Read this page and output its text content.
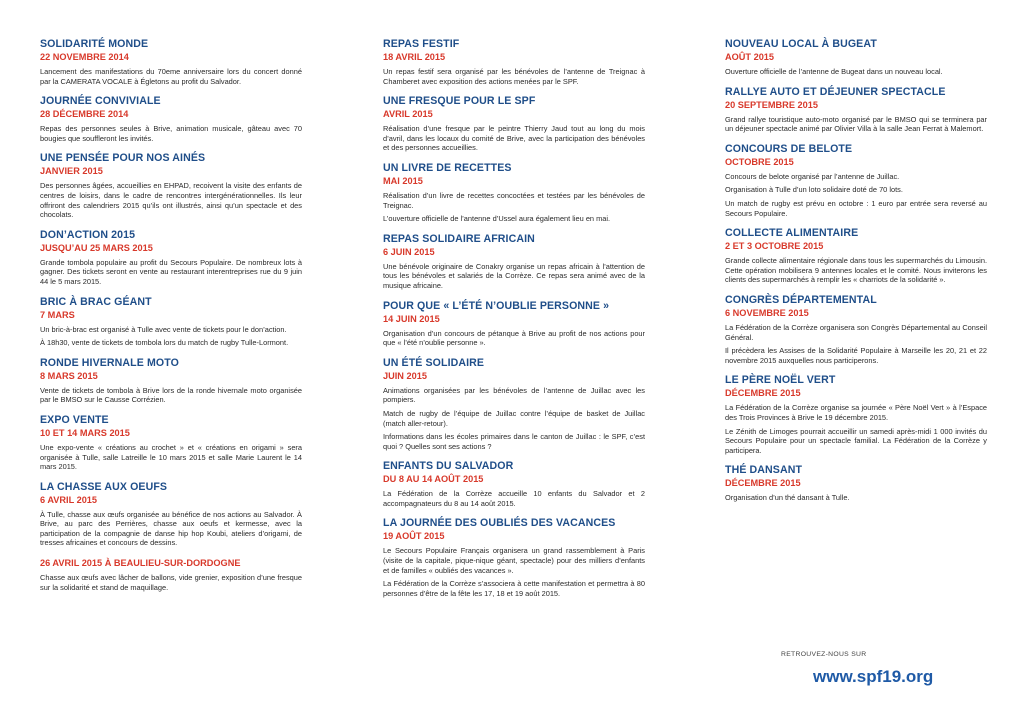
SOLIDARITÉ MONDE

22 NOVEMBRE 2014

Lancement des manifestations du 70eme anniversaire lors du concert donné par la CAMERATA VOCALE à Égletons au profit du Salvador.

JOURNÉE CONVIVIALE

28 DÉCEMBRE 2014

Repas des personnes seules à Brive, animation musicale, gâteau avec 70 bougies que souffleront les invités.

UNE PENSÉE POUR NOS AINÉS

JANVIER 2015

Des personnes âgées, accueillies en EHPAD, recoivent la visite des enfants de centres de loisirs, dans le cadre de rencontres intergénérationnelles. Ils leur offriront des calendriers 2015 qu’ils ont illustrés, ainsi qu’un spectacle et des chocolats.

DON’ACTION 2015

JUSQU’AU 25 MARS 2015

Grande tombola populaire au profit du Secours Populaire. De nombreux lots à gagner. Des tickets seront en vente au restaurant interentreprises rue du 9 juin 44 le 5 mars 2015.

BRIC À BRAC GÉANT

7 MARS

Un bric-à-brac est organisé à Tulle avec vente de tickets pour le don’action.

À 18h30, vente de tickets de tombola lors du match de rugby Tulle-Lormont.

RONDE HIVERNALE MOTO

8 MARS 2015

Vente de tickets de tombola à Brive lors de la ronde hivernale moto organisée par le BMSO sur le Causse Corrézien.

EXPO VENTE

10 ET 14 MARS 2015

Une expo-vente « créations au crochet » et « créations en origami » sera organisée à Tulle, salle Latreille le 10 mars 2015 et salle Marie Laurent le 14 mars 2015.

LA CHASSE AUX OEUFS

6 AVRIL 2015

À Tulle, chasse aux œufs organisée au bénéfice de nos actions au Salvador. À Brive, au parc des Perrières, chasse aux oeufs et kermesse, avec la participation de la compagnie de danse hip hop Koubi, ateliers d’origami, de tresses africaines et concours de dessins.

26 AVRIL 2015 À BEAULIEU-SUR-DORDOGNE

Chasse aux œufs avec lâcher de ballons, vide grenier, exposition d’une fresque sur la solidarité et stand de maquillage.

REPAS FESTIF

18 AVRIL 2015

Un repas festif sera organisé par les bénévoles de l’antenne de Treignac à Chamberet avec exposition des actions menées par le SPF.

UNE FRESQUE POUR LE SPF

AVRIL 2015

Réalisation d’une fresque par le peintre Thierry Jaud tout au long du mois d’avril, dans les locaux du comité de Brive, avec la participation des bénévoles et des personnes accueillies.

UN LIVRE DE RECETTES

MAI 2015

Réalisation d’un livre de recettes concoctées et testées par les bénévoles de Treignac.

L’ouverture officielle de l’antenne d’Ussel aura également lieu en mai.

REPAS SOLIDAIRE AFRICAIN

6 JUIN 2015

Une bénévole originaire de Conakry organise un repas africain à l’attention de tous les bénévoles et salariés de la Corrèze. Ce repas sera animé avec de la musique africaine.

POUR QUE « L’ÉTÉ N’OUBLIE PERSONNE »

14 JUIN 2015

Organisation d’un concours de pétanque à Brive au profit de nos actions pour que « l’été n’oublie personne ».

UN ÉTÉ SOLIDAIRE

JUIN 2015

Animations organisées par les bénévoles de l’antenne de Juillac avec les pompiers.

Match de rugby de l’équipe de Juillac contre l’équipe de basket de Juillac (match aller-retour).

Informations dans les écoles primaires dans le canton de Juillac : le SPF, c’est quoi ? Quelles sont ses actions ?

ENFANTS DU SALVADOR

DU 8 AU 14 AOÛT 2015

La Fédération de la Corrèze accueille 10 enfants du Salvador et 2 accompagnateurs du 8 au 14 août 2015.

LA JOURNÉE DES OUBLIÉS DES VACANCES

19 AOÛT 2015

Le Secours Populaire Français organisera un grand rassemblement à Paris (visite de la capitale, pique-nique géant, spectacle) pour des milliers d’enfants et de familles « oubliés des vacances ».

La Fédération de la Corrèze s’associera à cette manifestation et permettra à 80 personnes d’être de la fête les 17, 18 et 19 août 2015.

NOUVEAU LOCAL À BUGEAT

AOÛT 2015

Ouverture officielle de l’antenne de Bugeat dans un nouveau local.

RALLYE AUTO ET DÉJEUNER SPECTACLE

20 SEPTEMBRE 2015

Grand rallye touristique auto-moto organisé par le BMSO qui se terminera par un déjeuner spectacle animé par Olivier Villa à la salle Jean Ferrat à Malemort.

CONCOURS DE BELOTE

OCTOBRE 2015

Concours de belote organisé par l’antenne de Juillac.

Organisation à Tulle d’un loto solidaire doté de 70 lots.

Un match de rugby est prévu en octobre : 1 euro par entrée sera reversé au Secours Populaire.

COLLECTE ALIMENTAIRE

2 ET 3 OCTOBRE 2015

Grande collecte alimentaire régionale dans tous les supermarchés du Limousin. Cette opération mobilisera 9 antennes locales et le comité. Nous inviterons les clients des supermarchés à remplir les « charriots de la solidarité ».

CONGRÈS DÉPARTEMENTAL

6 NOVEMBRE 2015

La Fédération de la Corrèze organisera son Congrès Départemental au Conseil Général.

Il précèdera les Assises de la Solidarité Populaire à Marseille les 20, 21 et 22 novembre 2015 auxquelles nous participerons.

LE PÈRE NOËL VERT

DÉCEMBRE 2015

La Fédération de la Corrèze organise sa journée « Père Noël Vert » à l’Espace des Trois Provinces à Brive le 19 décembre 2015.

Le Zénith de Limoges pourrait accueillir un samedi après-midi 1 000 invités du Secours Populaire pour un spectacle familial. La Fédération de la Corrèze y participera.

THÉ DANSANT

DÉCEMBRE 2015

Organisation d’un thé dansant à Tulle.

RETROUVEZ-NOUS SUR

www.spf19.org
